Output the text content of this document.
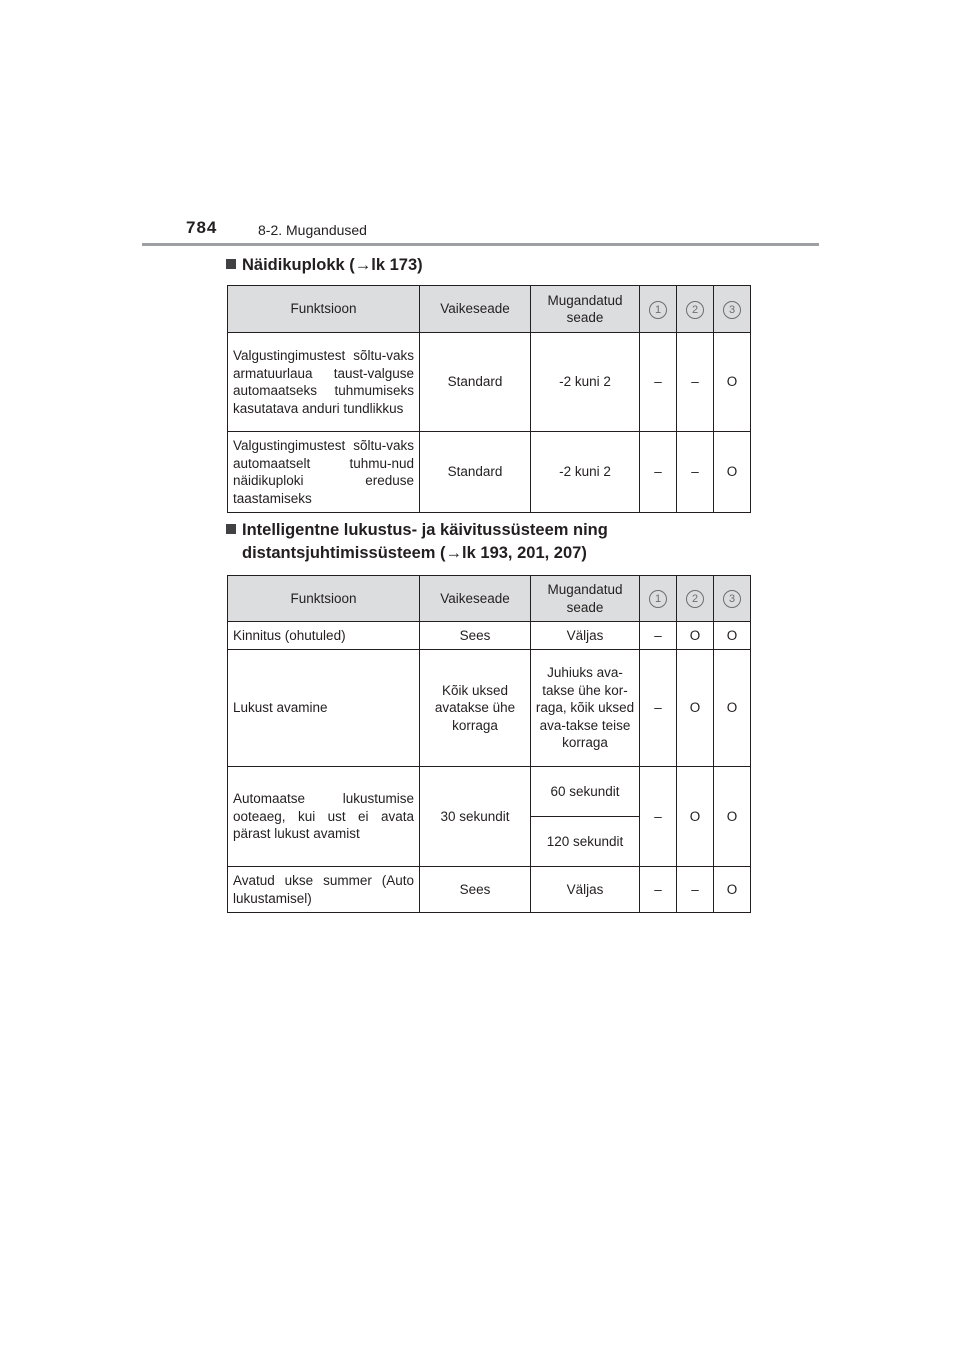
784	8-2. Mugandused
Näidikuplokk (→lk 173)
Funktsioon	Vaikeseade	Mugandatud seade	1	2	3
Valgustingimustest sõltu-vaks armatuurlaua taust-valguse automaatseks tuhmumiseks kasutatava anduri tundlikkus	Standard	-2 kuni 2	–	–	O
Valgustingimustest sõltu-vaks automaatselt tuhmu-nud näidikuploki ereduse taastamiseks	Standard	-2 kuni 2	–	–	O
Intelligentne lukustus- ja käivitussüsteem ning
distantsjuhtimissüsteem (→lk 193, 201, 207)
Funktsioon	Vaikeseade	Mugandatud seade	1	2	3
Kinnitus (ohutuled)	Sees	Väljas	–	O	O
Lukust avamine	Kõik uksed avatakse ühe korraga	Juhiuks ava-takse ühe kor-raga, kõik uksed ava-takse teise korraga	–	O	O
Automaatse lukustumise ooteaeg, kui ust ei avata pärast lukust avamist	30 sekundit	60 sekundit	–	O	O
		120 sekundit			
Avatud ukse summer (Auto lukustamisel)	Sees	Väljas	–	–	O
